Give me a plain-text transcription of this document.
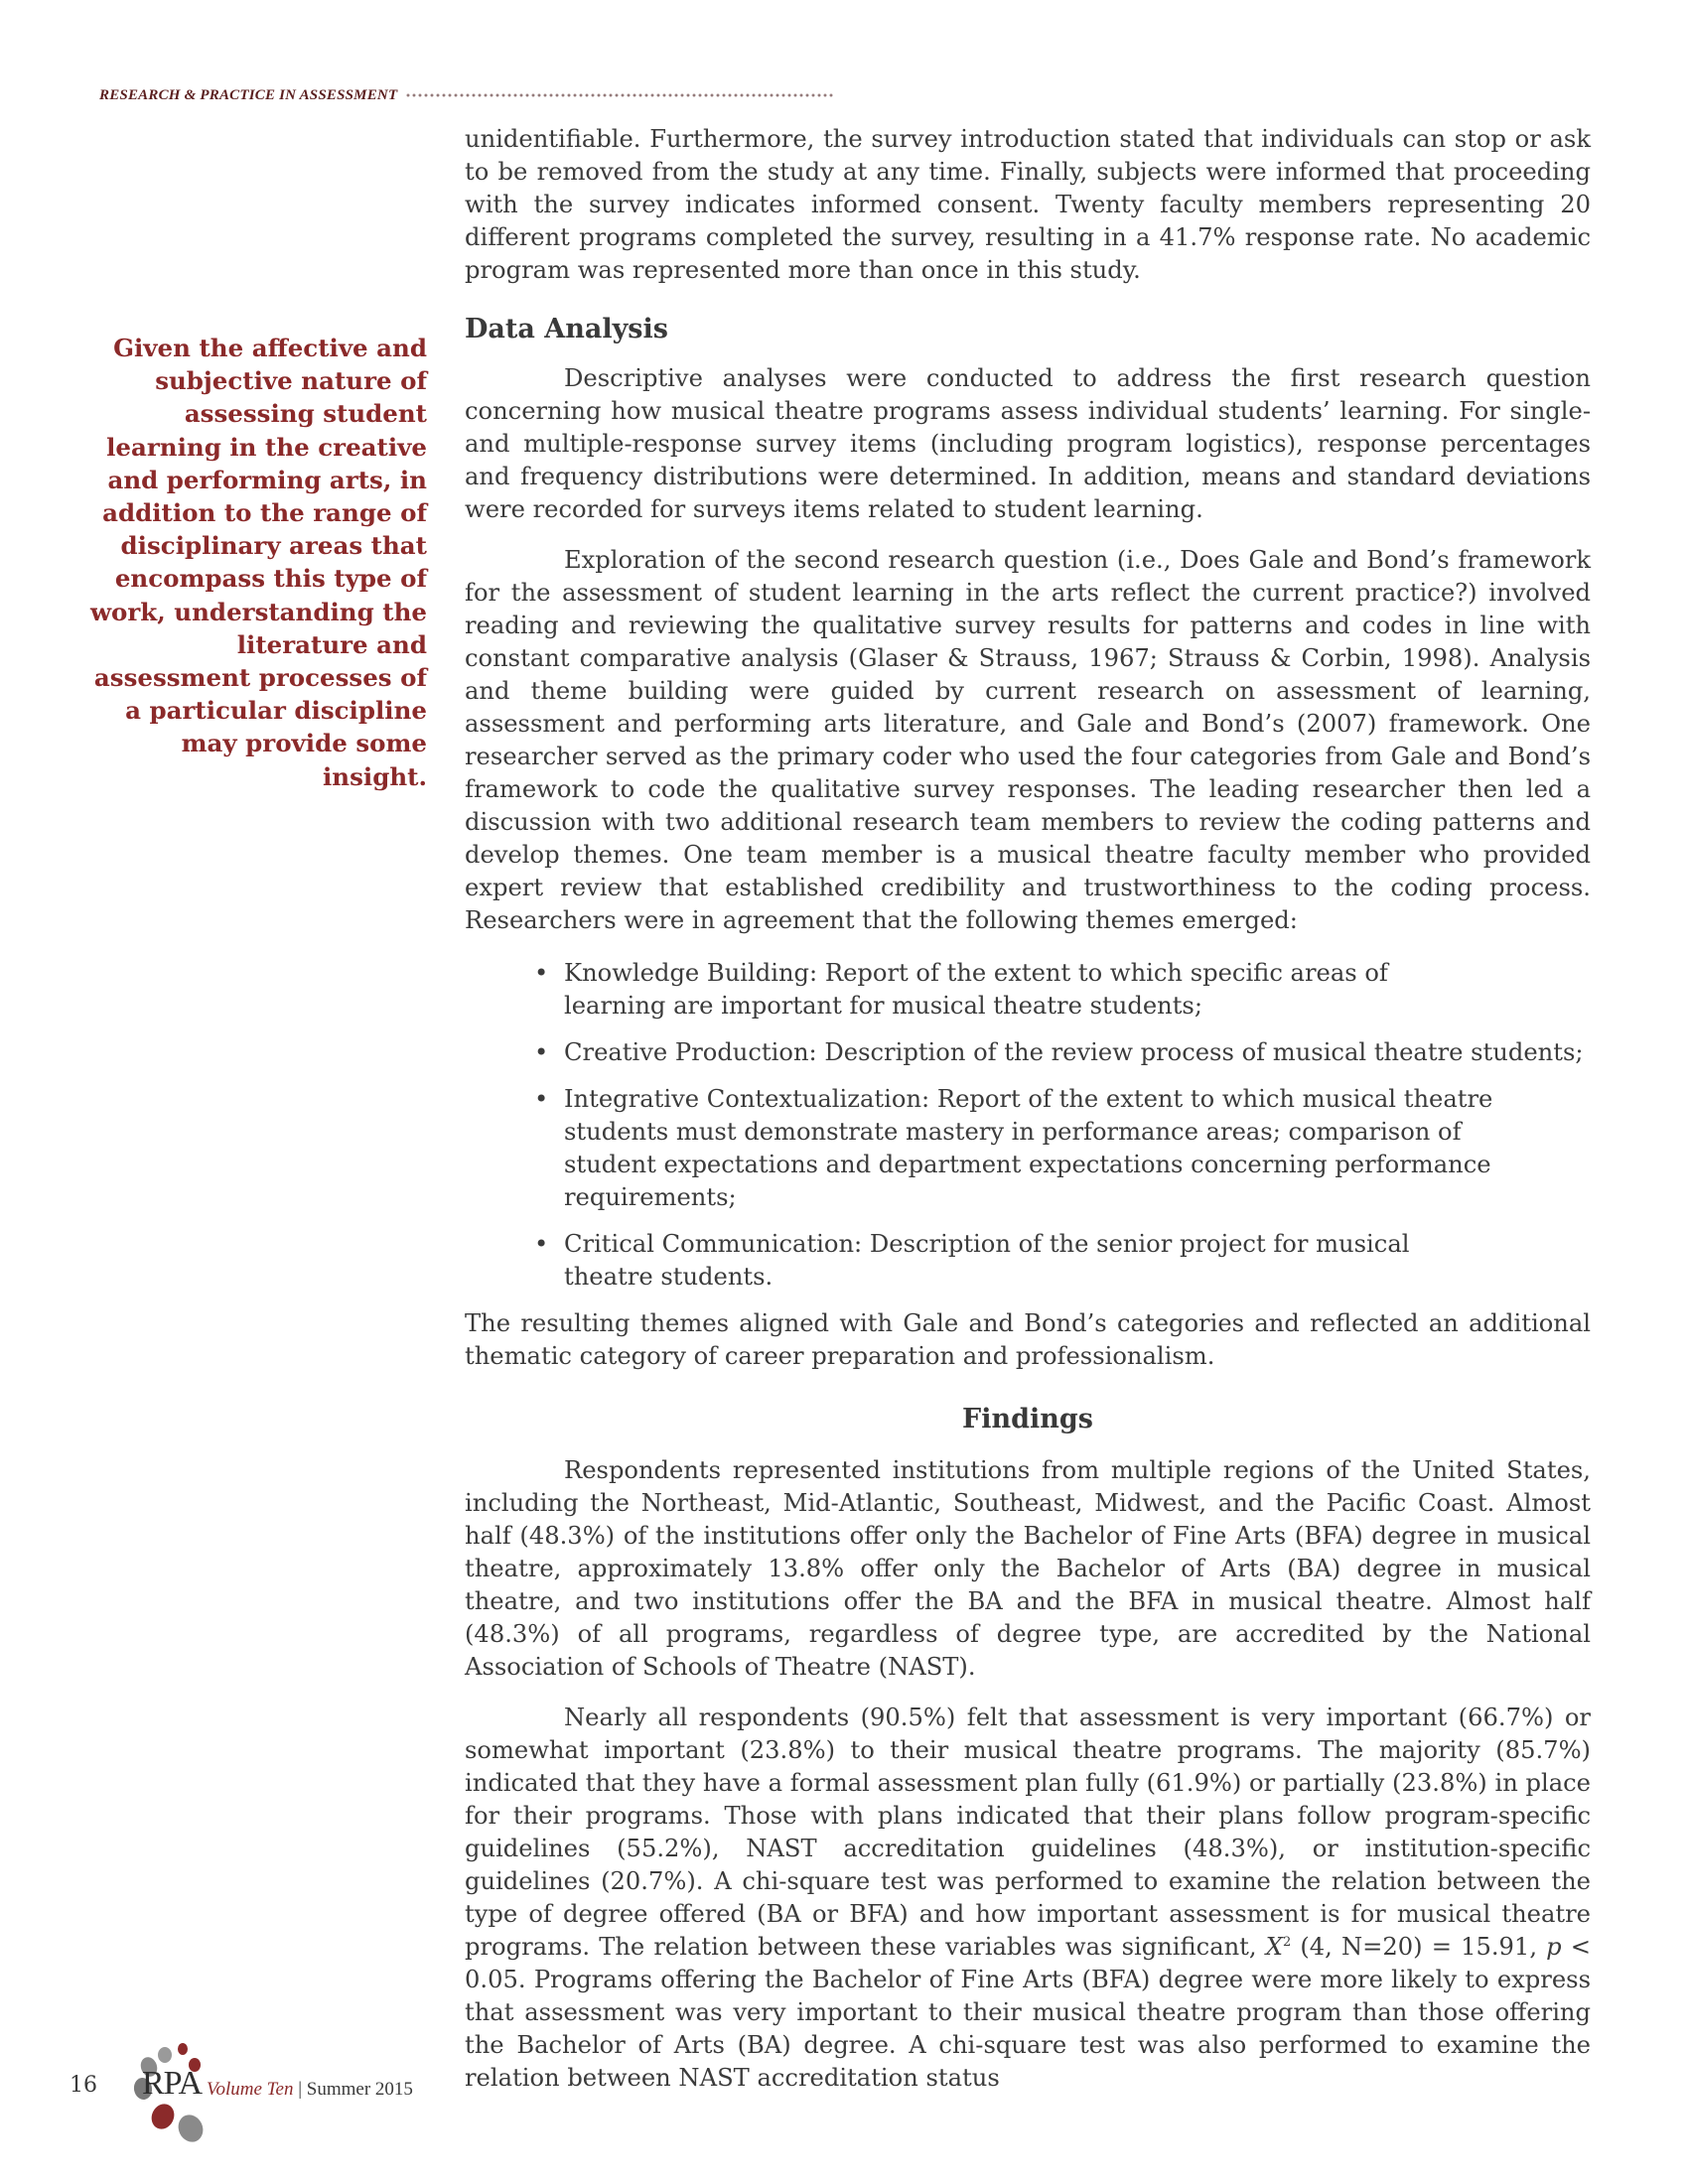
RESEARCH & PRACTICE IN ASSESSMENT
Given the affective and subjective nature of assessing student learning in the creative and performing arts, in addition to the range of disciplinary areas that encompass this type of work, understanding the literature and assessment processes of a particular discipline may provide some insight.

unidentifiable. Furthermore, the survey introduction stated that individuals can stop or ask to be removed from the study at any time. Finally, subjects were informed that proceeding with the survey indicates informed consent. Twenty faculty members representing 20 different programs completed the survey, resulting in a 41.7% response rate. No academic program was represented more than once in this study.

Data Analysis

Descriptive analyses were conducted to address the first research question concerning how musical theatre programs assess individual students’ learning. For single- and multiple-response survey items (including program logistics), response percentages and frequency distributions were determined. In addition, means and standard deviations were recorded for surveys items related to student learning.

Exploration of the second research question (i.e., Does Gale and Bond’s framework for the assessment of student learning in the arts reflect the current practice?) involved reading and reviewing the qualitative survey results for patterns and codes in line with constant comparative analysis (Glaser & Strauss, 1967; Strauss & Corbin, 1998). Analysis and theme building were guided by current research on assessment of learning, assessment and performing arts literature, and Gale and Bond’s (2007) framework. One researcher served as the primary coder who used the four categories from Gale and Bond’s framework to code the qualitative survey responses. The leading researcher then led a discussion with two additional research team members to review the coding patterns and develop themes. One team member is a musical theatre faculty member who provided expert review that established credibility and trustworthiness to the coding process. Researchers were in agreement that the following themes emerged:

• Knowledge Building: Report of the extent to which specific areas of learning are important for musical theatre students;
• Creative Production: Description of the review process of musical theatre students;
• Integrative Contextualization: Report of the extent to which musical theatre students must demonstrate mastery in performance areas; comparison of student expectations and department expectations concerning performance requirements;
• Critical Communication: Description of the senior project for musical theatre students.

The resulting themes aligned with Gale and Bond’s categories and reflected an additional thematic category of career preparation and professionalism.

Findings

Respondents represented institutions from multiple regions of the United States, including the Northeast, Mid-Atlantic, Southeast, Midwest, and the Pacific Coast. Almost half (48.3%) of the institutions offer only the Bachelor of Fine Arts (BFA) degree in musical theatre, approximately 13.8% offer only the Bachelor of Arts (BA) degree in musical theatre, and two institutions offer the BA and the BFA in musical theatre. Almost half (48.3%) of all programs, regardless of degree type, are accredited by the National Association of Schools of Theatre (NAST).

Nearly all respondents (90.5%) felt that assessment is very important (66.7%) or somewhat important (23.8%) to their musical theatre programs. The majority (85.7%) indicated that they have a formal assessment plan fully (61.9%) or partially (23.8%) in place for their programs. Those with plans indicated that their plans follow program-specific guidelines (55.2%), NAST accreditation guidelines (48.3%), or institution-specific guidelines (20.7%). A chi-square test was performed to examine the relation between the type of degree offered (BA or BFA) and how important assessment is for musical theatre programs. The relation between these variables was significant, $X^2$ (4, N=20) = 15.91, p < 0.05. Programs offering the Bachelor of Fine Arts (BFA) degree were more likely to express that assessment was very important to their musical theatre program than those offering the Bachelor of Arts (BA) degree. A chi-square test was also performed to examine the relation between NAST accreditation status

16 RPA Volume Ten | Summer 2015
